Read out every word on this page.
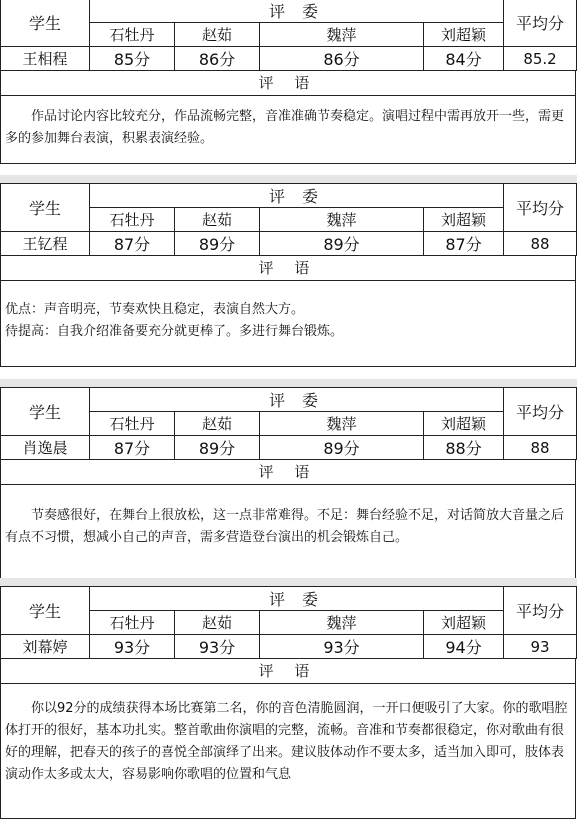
学生	评 委				平均分
	石牡丹	赵茹	魏萍	刘超颖	
王相程	85分	86分	86分	84分	85.2
评 语
作品讨论内容比较充分，作品流畅完整，音准准确节奏稳定。演唱过程中需再放开一些，需更多的参加舞台表演，积累表演经验。
学生	评 委				平均分
	石牡丹	赵茹	魏萍	刘超颖	
王钇程	87分	89分	89分	87分	88
评 语
优点：声音明亮，节奏欢快且稳定，表演自然大方。
待提高：自我介绍准备要充分就更棒了。多进行舞台锻炼。
学生	评 委				平均分
	石牡丹	赵茹	魏萍	刘超颖	
肖逸晨	87分	89分	89分	88分	88
评 语
节奏感很好，在舞台上很放松，这一点非常难得。不足：舞台经验不足，对话简放大音量之后有点不习惯，想减小自己的声音，需多营造登台演出的机会锻炼自己。
学生	评 委				平均分
	石牡丹	赵茹	魏萍	刘超颖	
刘幕婷	93分	93分	93分	94分	93
评 语
你以92分的成绩获得本场比赛第二名，你的音色清脆圆润，一开口便吸引了大家。你的歌唱腔体打开的很好，基本功扎实。整首歌曲你演唱的完整，流畅。音准和节奏都很稳定，你对歌曲有很好的理解，把春天的孩子的喜悦全部演绎了出来。建议肢体动作不要太多，适当加入即可，肢体表演动作太多或太大，容易影响你歌唱的位置和气息
